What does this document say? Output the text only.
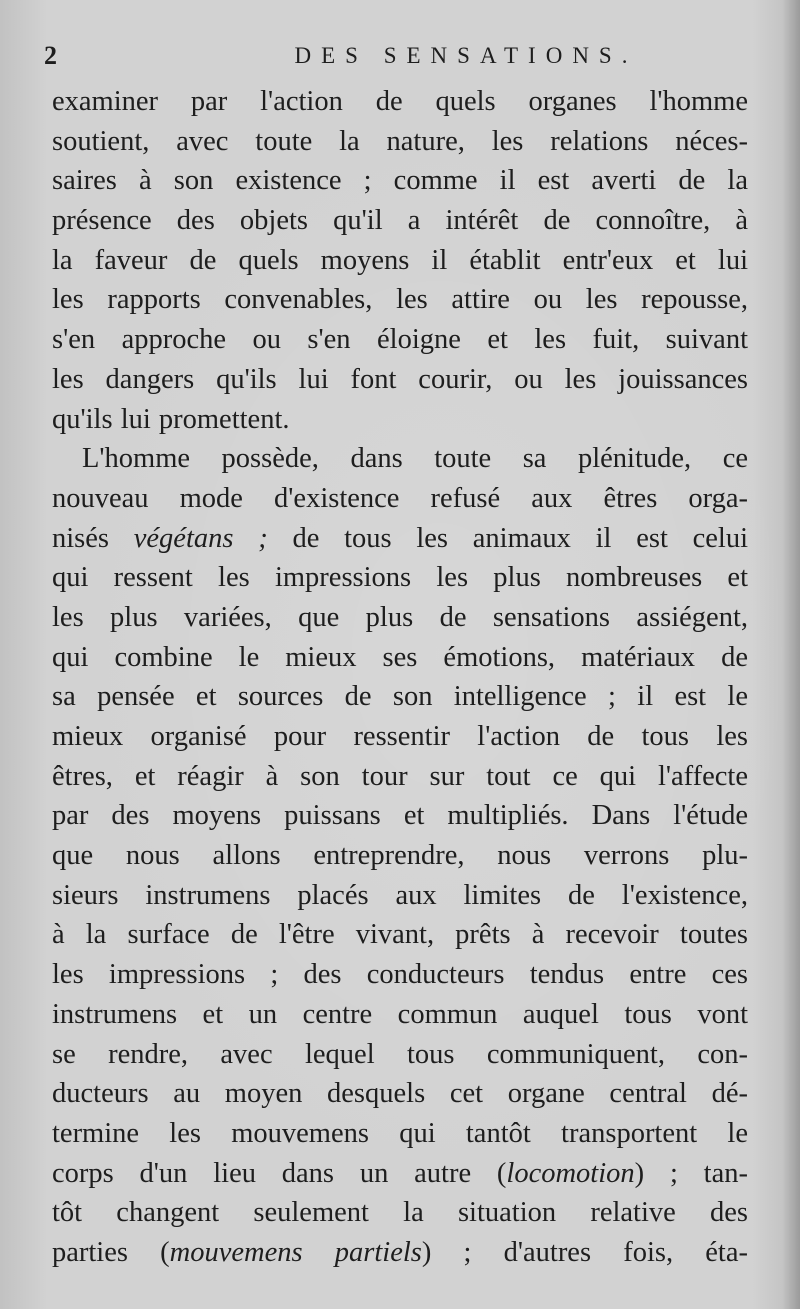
2	DES SENSATIONS.
examiner par l'action de quels organes l'homme
soutient, avec toute la nature, les relations néces-
saires à son existence ; comme il est averti de la
présence des objets qu'il a intérêt de connoître, à
la faveur de quels moyens il établit entr'eux et lui
les rapports convenables, les attire ou les repousse,
s'en approche ou s'en éloigne et les fuit, suivant
les dangers qu'ils lui font courir, ou les jouissances
qu'ils lui promettent.
L'homme possède, dans toute sa plénitude, ce
nouveau mode d'existence refusé aux êtres orga-
nisés végétans ; de tous les animaux il est celui
qui ressent les impressions les plus nombreuses et
les plus variées, que plus de sensations assiégent,
qui combine le mieux ses émotions, matériaux de
sa pensée et sources de son intelligence ; il est le
mieux organisé pour ressentir l'action de tous les
êtres, et réagir à son tour sur tout ce qui l'affecte
par des moyens puissans et multipliés. Dans l'étude
que nous allons entreprendre, nous verrons plu-
sieurs instrumens placés aux limites de l'existence,
à la surface de l'être vivant, prêts à recevoir toutes
les impressions ; des conducteurs tendus entre ces
instrumens et un centre commun auquel tous vont
se rendre, avec lequel tous communiquent, con-
ducteurs au moyen desquels cet organe central dé-
termine les mouvemens qui tantôt transportent le
corps d'un lieu dans un autre (locomotion) ; tan-
tôt changent seulement la situation relative des
parties (mouvemens partiels) ; d'autres fois, éta-
